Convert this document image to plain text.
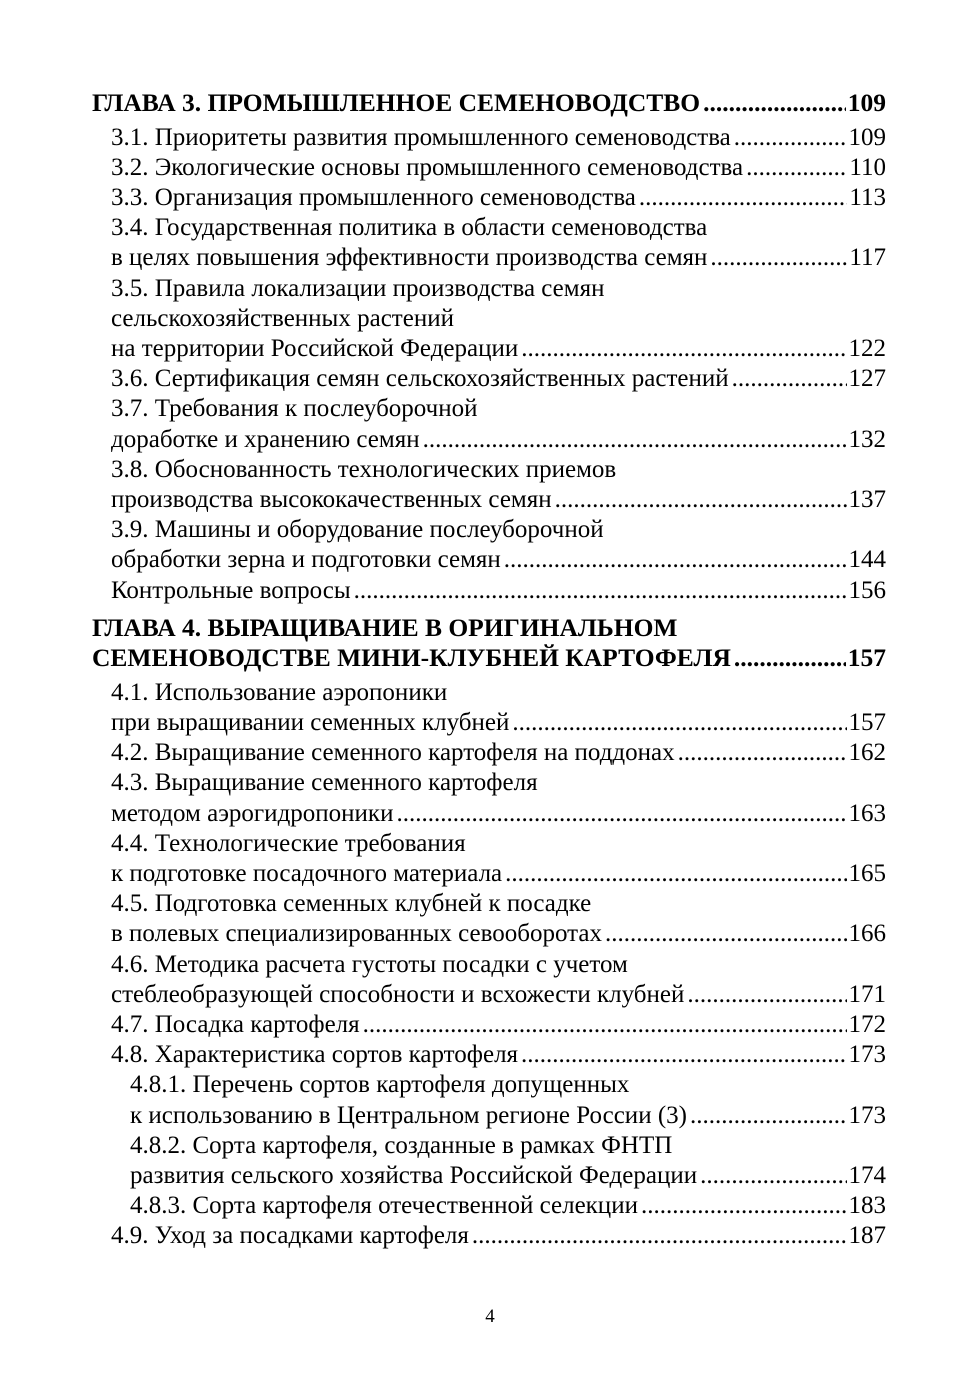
ГЛАВА 3. ПРОМЫШЛЕННОЕ СЕМЕНОВОДСТВО .....	109
3.1. Приоритеты развития промышленного семеноводства .....	109
3.2. Экологические основы промышленного семеноводства .....	110
3.3. Организация промышленного семеноводства .....	113
3.4. Государственная политика в области семеноводства
в целях повышения эффективности производства семян .....	117
3.5. Правила локализации производства семян
сельскохозяйственных растений
на территории Российской Федерации .....	122
3.6. Сертификация семян сельскохозяйственных растений .....	127
3.7. Требования к послеуборочной
доработке и хранению семян .....	132
3.8. Обоснованность технологических приемов
производства высококачественных семян .....	137
3.9. Машины и оборудование послеуборочной
обработки зерна и подготовки семян .....	144
Контрольные вопросы .....	156
ГЛАВА 4. ВЫРАЩИВАНИЕ В ОРИГИНАЛЬНОМ
СЕМЕНОВОДСТВЕ МИНИ-КЛУБНЕЙ КАРТОФЕЛЯ .....	157
4.1. Использование аэропоники
при выращивании семенных клубней .....	157
4.2. Выращивание семенного картофеля на поддонах .....	162
4.3. Выращивание семенного картофеля
методом аэрогидропоники .....	163
4.4. Технологические требования
к подготовке посадочного материала .....	165
4.5. Подготовка семенных клубней к посадке
в полевых специализированных севооборотах .....	166
4.6. Методика расчета густоты посадки с учетом
стеблеобразующей способности и всхожести клубней .....	171
4.7. Посадка картофеля .....	172
4.8. Характеристика сортов картофеля .....	173
4.8.1. Перечень сортов картофеля допущенных
к использованию в Центральном регионе России (3) .....	173
4.8.2. Сорта картофеля, созданные в рамках ФНТП
развития сельского хозяйства Российской Федерации .....	174
4.8.3. Сорта картофеля отечественной селекции .....	183
4.9. Уход за посадками картофеля .....	187
4
